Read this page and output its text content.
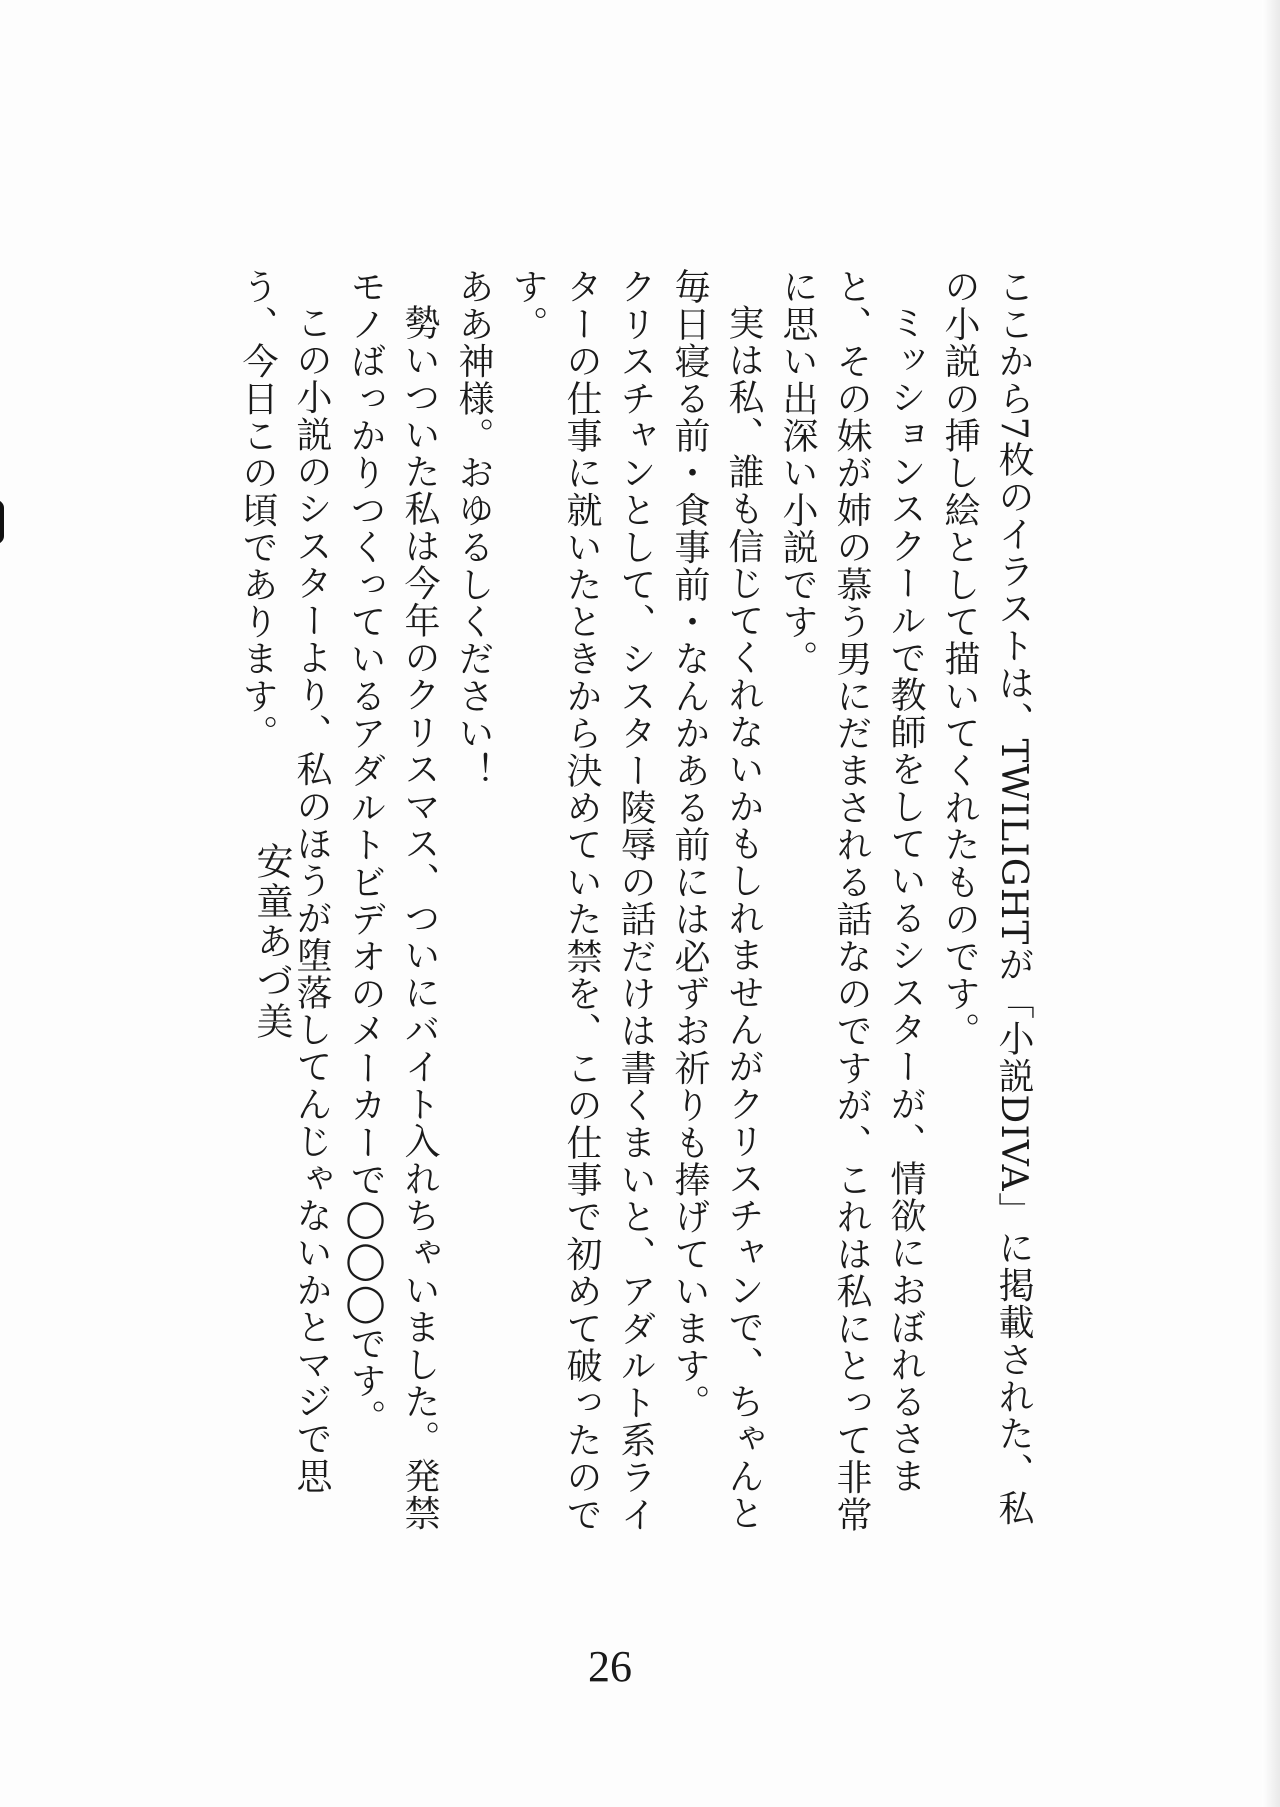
ここから7枚のイラストは、TWILIGHTが「小説DIVA」に掲載された、私の小説の挿し絵として描いてくれたものです。

ミッションスクールで教師をしているシスターが、情欲におぼれるさまと、その妹が姉の慕う男にだまされる話なのですが、これは私にとって非常に思い出深い小説です。

実は私、誰も信じてくれないかもしれませんがクリスチャンで、ちゃんと毎日寝る前・食事前・なんかある前には必ずお祈りも捧げています。

クリスチャンとして、シスター陵辱の話だけは書くまいと、アダルト系ライターの仕事に就いたときから決めていた禁を、この仕事で初めて破ったのです。

ああ神様。おゆるしください！

勢いついた私は今年のクリスマス、ついにバイト入れちゃいました。発禁モノばっかりつくっているアダルトビデオのメーカーで◯◯◯です。

この小説のシスターより、私のほうが堕落してんじゃないかとマジで思う、今日この頃であります。

安童あづ美
26
